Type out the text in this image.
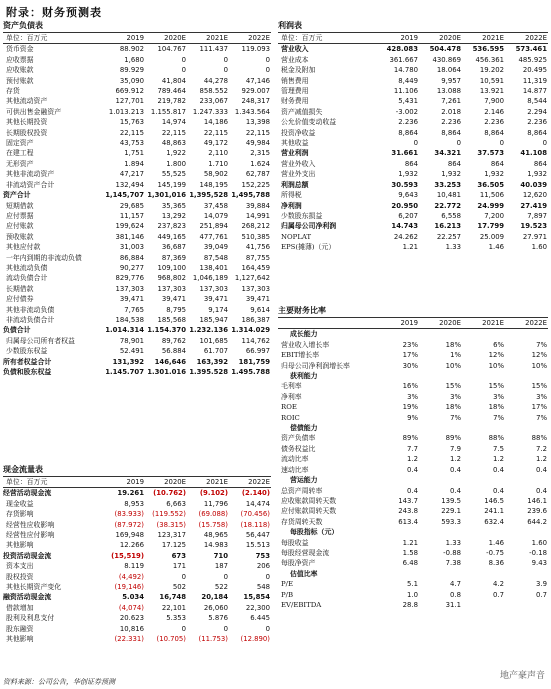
附录：财务预测表
资产负债表
单位：百万元	2019	2020E	2021E	2022E
货币资金	88.902	104.767	111.437	119.093
应收票据	1,680	0	0	0
应收账款	89.929	0	0	0
预付账款	35,090	41,804	44,278	47,146
存货	669.912	789.464	858.552	929.007
其他流动资产	127,701	219,782	233,067	248,317
可供出售金融资产	1.013.213	1.155.817	1.247.333	1.343.564
其他长期投资	15,763	14,974	14,186	13,398
长期股权投资	22,115	22,115	22,115	22,115
固定资产	43,753	48,863	49,172	49,984
在建工程	1,751	1,922	2,110	2,315
无形资产	1.894	1.800	1.710	1.624
其他非流动资产	47,217	55,525	58,902	62,787
非流动资产合计	132,494	145,199	148,195	152,225
资产合计	1,145,707	1,301,016	1,395,528	1,495,788
短期借款	29,685	35,365	37,458	39,884
应付票据	11,157	13,292	14,079	14,991
应付账款	199,624	237,823	251,894	268,212
预收账款	381,146	449,165	477,761	510,385
其他应付款	31,003	36,687	39,049	41,756
一年内到期的非流动负债	86,884	87,369	87,548	87,755
其他流动负债	90,277	109,100	138,401	164,459
流动负债合计	829,776	968,802	1,046,189	1,127,642
长期借款	137,303	137,303	137,303	137,303
应付债券	39,471	39,471	39,471	39,471
其他非流动负债	7,765	8,795	9,174	9,614
非流动负债合计	184,538	185,568	185,947	186,387
负债合计	1.014.314	1.154.370	1.232.136	1.314.029
归属母公司所有者权益	78,901	89,762	101,685	114,762
少数股东权益	52.491	56.884	61.707	66.997
所有者权益合计	131,392	146,646	163,392	181,759
负债和股东权益	1.145.707	1.301.016	1.395.528	1.495.788
现金流量表
单位：百万元	2019	2020E	2021E	2022E
经营活动现金流	19.261	(10.762)	(9.102)	(2.140)
现金收益	8,953	6,663	11,796	14,474
存货影响	(83.933)	(119.552)	(69.088)	(70.456)
经营性应收影响	(87.972)	(38.315)	(15.758)	(18.118)
经营性应付影响	169,948	123,317	48,965	56,447
其他影响	12.266	17.125	14.983	15.513
投资活动现金流	(15,519)	673	710	753
资本支出	8.119	171	187	206
股权投资	(4,492)	0	0	0
其他长期资产变化	(19,146)	502	522	548
融资活动现金流	5.034	16,748	20,184	15,854
借款增加	(4,074)	22,101	26,060	22,300
股利及利息支付	20.623	5.353	5.876	6.445
股东融资	10,816	0	0	0
其他影响	(22.331)	(10.705)	(11.753)	(12.890)
利润表
单位：百万元	2019	2020E	2021E	2022E
营业收入	428.083	504.478	536.595	573.461
营业成本	361.667	430.869	456.361	485.925
税金及附加	14.780	18.064	19.202	20.495
销售费用	8,449	9,957	10,591	11,319
管理费用	11.106	13.088	13.921	14.877
财务费用	5,431	7,261	7,900	8,544
资产减值损失	-3.002	2.018	2.146	2.294
公允价值变动收益	2.236	2.236	2.236	2.236
投资净收益	8,864	8,864	8,864	8,864
其他收益	0	0	0	0
营业利润	31.661	34.321	37.573	41.108
营业外收入	864	864	864	864
营业外支出	1,932	1,932	1,932	1,932
利润总额	30.593	33.253	36.505	40.039
所得税	9,643	10,481	11,506	12,620
净利润	20.950	22.772	24.999	27.419
少数股东损益	6,207	6,558	7,200	7,897
归属母公司净利润	14.743	16.213	17.799	19.523
NOPLAT	24.262	22.257	25.009	27.971
EPS(摊薄)（元）	1.21	1.33	1.46	1.60
主要财务比率
	2019	2020E	2021E	2022E
成长能力				
营业收入增长率	23%	18%	6%	7%
EBIT增长率	17%	1%	12%	12%
归母公司净利润增长率	30%	10%	10%	10%
获利能力				
毛利率	16%	15%	15%	15%
净利率	3%	3%	3%	3%
ROE	19%	18%	18%	17%
ROIC	9%	7%	7%	7%
偿债能力				
资产负债率	89%	89%	88%	88%
债务权益比	7.7	7.9	7.5	7.2
流动比率	1.2	1.2	1.2	1.2
速动比率	0.4	0.4	0.4	0.4
营运能力				
总资产周转率	0.4	0.4	0.4	0.4
应收账款周转天数	143.7	139.5	146.5	146.1
应付账款周转天数	243.8	229.1	241.1	239.6
存货周转天数	613.4	593.3	632.4	644.2
每股指标（元）				
每股收益	1.21	1.33	1.46	1.60
每股经营现金流	1.58	-0.88	-0.75	-0.18
每股净资产	6.48	7.38	8.36	9.43
估值比率				
P/E	5.1	4.7	4.2	3.9
P/B	1.0	0.8	0.7	0.7
EV/EBITDA	28.8	31.1		
资料来源：公司公告，华创证券预测
地产豪声音
